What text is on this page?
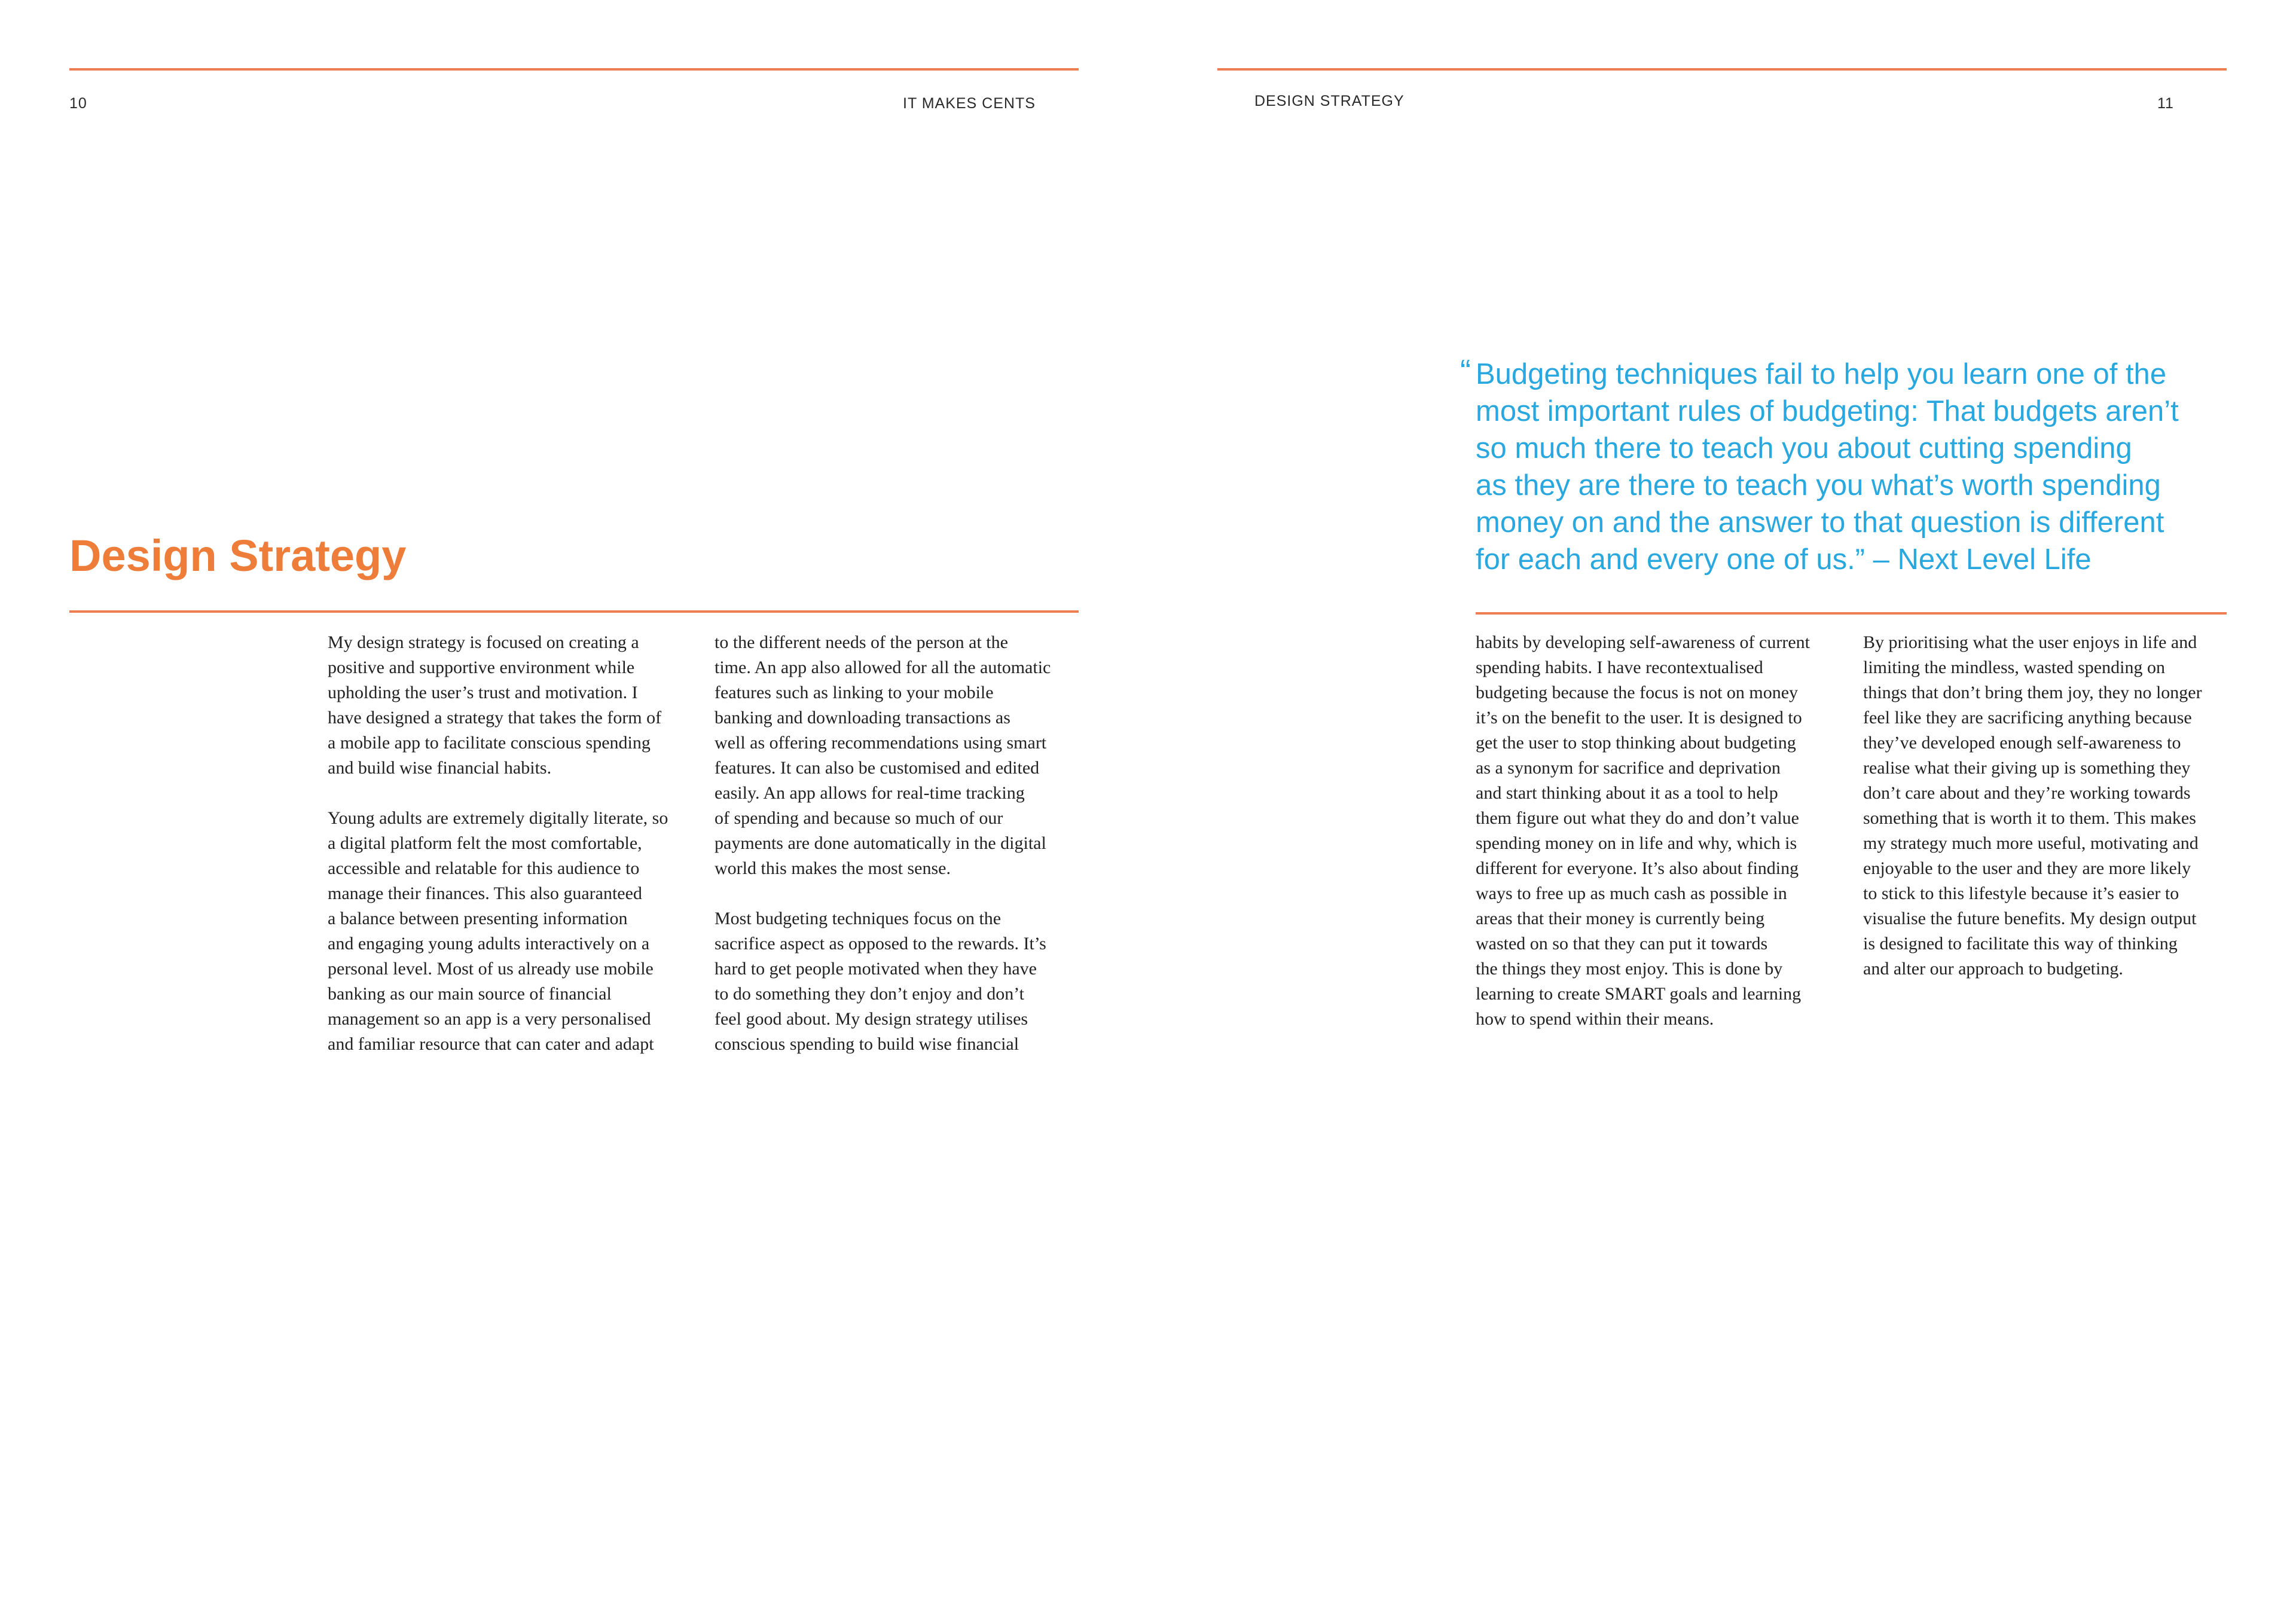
10	IT MAKES CENTS
Design Strategy

My design strategy is focused on creating a
positive and supportive environment while
upholding the user’s trust and motivation. I
have designed a strategy that takes the form of
a mobile app to facilitate conscious spending
and build wise financial habits.

Young adults are extremely digitally literate, so
a digital platform felt the most comfortable,
accessible and relatable for this audience to
manage their finances. This also guaranteed
a balance between presenting information
and engaging young adults interactively on a
personal level. Most of us already use mobile
banking as our main source of financial
management so an app is a very personalised
and familiar resource that can cater and adapt

to the different needs of the person at the
time. An app also allowed for all the automatic
features such as linking to your mobile
banking and downloading transactions as
well as offering recommendations using smart
features. It can also be customised and edited
easily. An app allows for real-time tracking
of spending and because so much of our
payments are done automatically in the digital
world this makes the most sense.

Most budgeting techniques focus on the
sacrifice aspect as opposed to the rewards. It’s
hard to get people motivated when they have
to do something they don’t enjoy and don’t
feel good about. My design strategy utilises
conscious spending to build wise financial

DESIGN STRATEGY	11
“ Budgeting techniques fail to help you learn one of the
most important rules of budgeting: That budgets aren’t
so much there to teach you about cutting spending
as they are there to teach you what’s worth spending
money on and the answer to that question is different
for each and every one of us.” – Next Level Life

habits by developing self-awareness of current
spending habits. I have recontextualised
budgeting because the focus is not on money
it’s on the benefit to the user. It is designed to
get the user to stop thinking about budgeting
as a synonym for sacrifice and deprivation
and start thinking about it as a tool to help
them figure out what they do and don’t value
spending money on in life and why, which is
different for everyone. It’s also about finding
ways to free up as much cash as possible in
areas that their money is currently being
wasted on so that they can put it towards
the things they most enjoy. This is done by
learning to create SMART goals and learning
how to spend within their means.

By prioritising what the user enjoys in life and
limiting the mindless, wasted spending on
things that don’t bring them joy, they no longer
feel like they are sacrificing anything because
they’ve developed enough self-awareness to
realise what their giving up is something they
don’t care about and they’re working towards
something that is worth it to them. This makes
my strategy much more useful, motivating and
enjoyable to the user and they are more likely
to stick to this lifestyle because it’s easier to
visualise the future benefits. My design output
is designed to facilitate this way of thinking
and alter our approach to budgeting.
